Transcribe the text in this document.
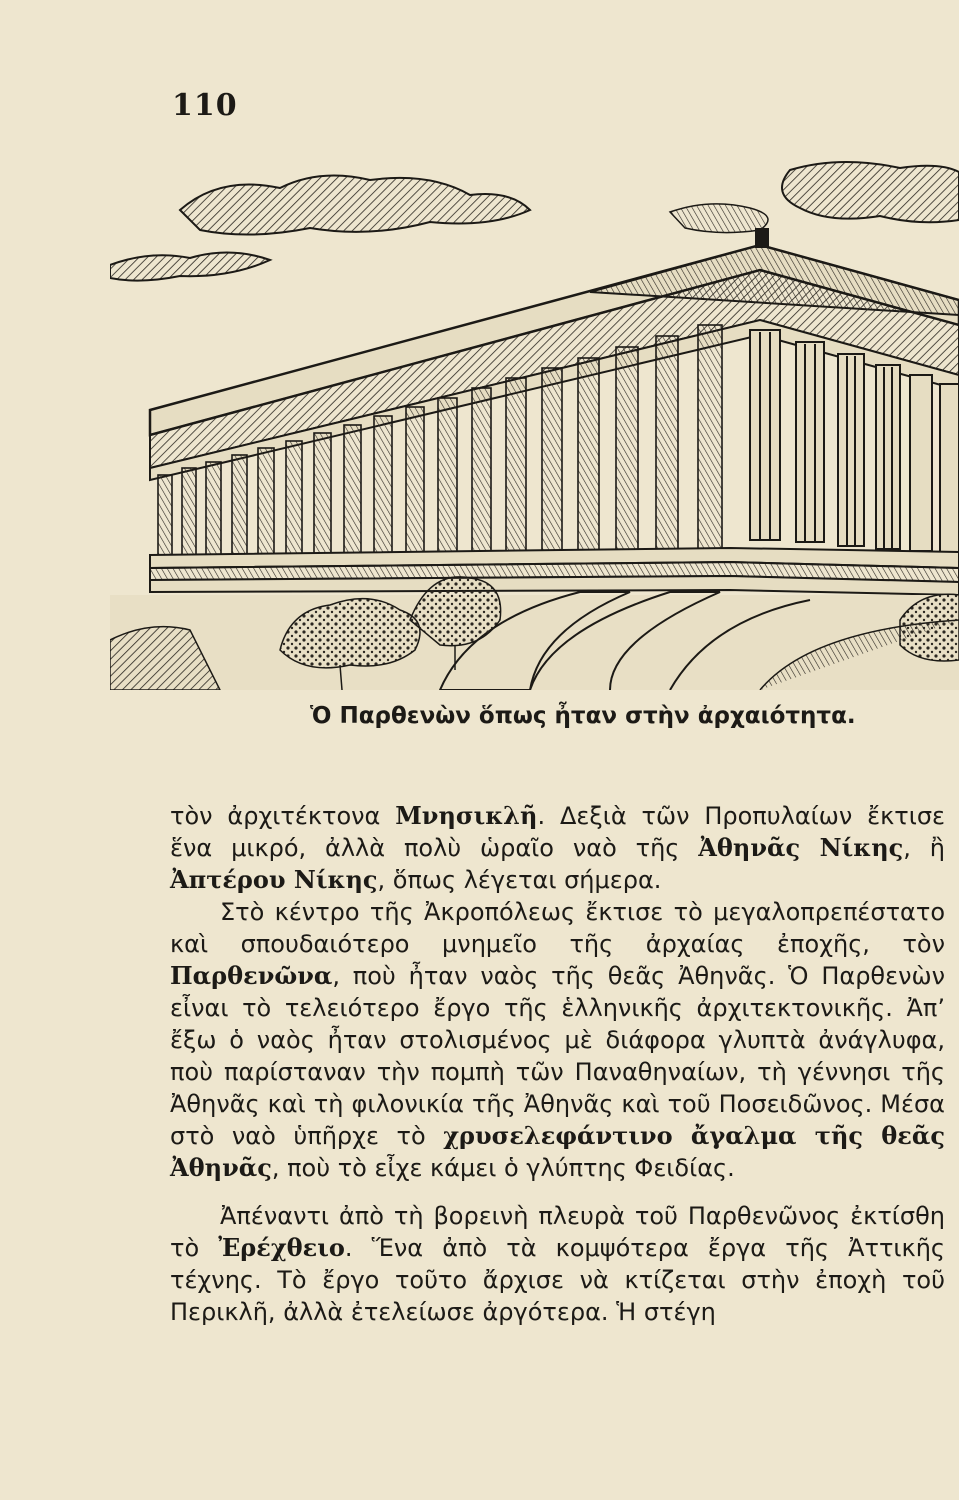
110
Ὁ Παρθενὼν ὅπως ἦταν στὴν ἀρχαιότητα.

τὸν ἀρχιτέκτονα Μνησικλῆ. Δεξιὰ τῶν Προπυλαίων ἔκτισε ἕνα μικρό, ἀλλὰ πολὺ ὡραῖο ναὸ τῆς Ἀθηνᾶς Νίκης, ἢ Ἀπτέρου Νίκης, ὅπως λέγεται σήμερα.

Στὸ κέντρο τῆς Ἀκροπόλεως ἔκτισε τὸ μεγαλοπρεπέστατο καὶ σπουδαιότερο μνημεῖο τῆς ἀρχαίας ἐποχῆς, τὸν Παρθενῶνα, ποὺ ἦταν ναὸς τῆς θεᾶς Ἀθηνᾶς. Ὁ Παρθενὼν εἶναι τὸ τελειότερο ἔργο τῆς ἑλληνικῆς ἀρχιτεκτονικῆς. Ἀπ’ ἔξω ὁ ναὸς ἦταν στολισμένος μὲ διάφορα γλυπτὰ ἀνάγλυφα, ποὺ παρίσταναν τὴν πομπὴ τῶν Παναθηναίων, τὴ γέννησι τῆς Ἀθηνᾶς καὶ τὴ φιλονικία τῆς Ἀθηνᾶς καὶ τοῦ Ποσειδῶνος. Μέσα στὸ ναὸ ὑπῆρχε τὸ χρυσελεφάντινο ἄγαλμα τῆς θεᾶς Ἀθηνᾶς, ποὺ τὸ εἶχε κάμει ὁ γλύπτης Φειδίας.

Ἀπέναντι ἀπὸ τὴ βορεινὴ πλευρὰ τοῦ Παρθενῶνος ἐκτίσθη τὸ Ἐρέχθειο. Ἕνα ἀπὸ τὰ κομψότερα ἔργα τῆς Ἀττικῆς τέχνης. Τὸ ἔργο τοῦτο ἄρχισε νὰ κτίζεται στὴν ἐποχὴ τοῦ Περικλῆ, ἀλλὰ ἐτελείωσε ἀργότερα. Ἡ στέγη
